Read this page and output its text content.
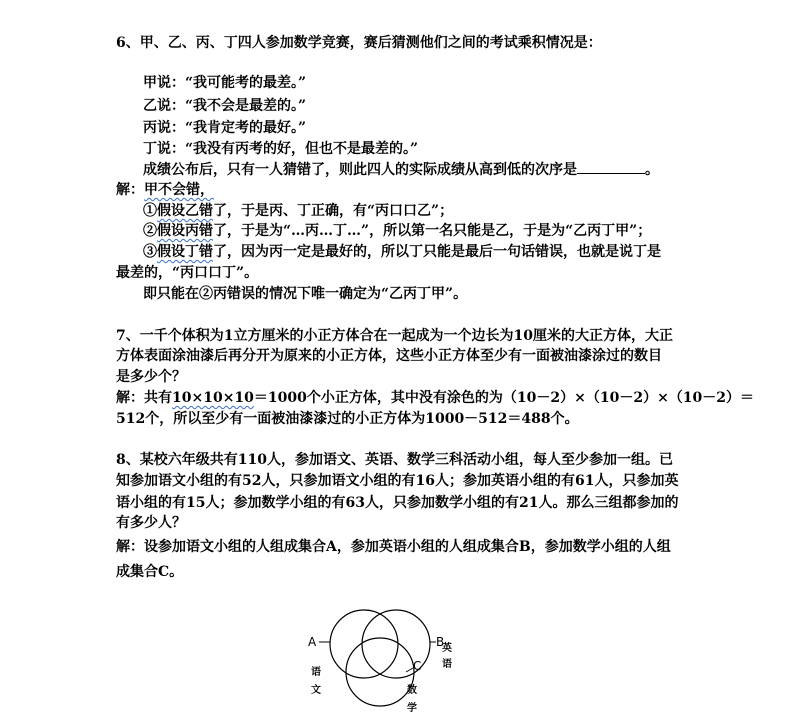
6、甲、乙、丙、丁四人参加数学竞赛，赛后猜测他们之间的考试乘积情况是：
甲说：“我可能考的最差。”
乙说：“我不会是最差的。”
丙说：“我肯定考的最好。”
丁说：“我没有丙考的好，但也不是最差的。”
成绩公布后，只有一人猜错了，则此四人的实际成绩从高到低的次序是	。
解：甲不会错，
①假设乙错了，于是丙、丁正确，有“丙口口乙”；
②假设丙错了，于是为“…丙…丁…”，所以第一名只能是乙，于是为“乙丙丁甲”；
③假设丁错了，因为丙一定是最好的，所以丁只能是最后一句话错误，也就是说丁是
最差的，“丙口口丁”。
即只能在②丙错误的情况下唯一确定为“乙丙丁甲”。
7、一千个体积为1立方厘米的小正方体合在一起成为一个边长为10厘米的大正方体，大正
方体表面涂油漆后再分开为原来的小正方体，这些小正方体至少有一面被油漆涂过的数目
是多少个？
解：共有10×10×10＝1000个小正方体，其中没有涂色的为（10－2）×（10－2）×（10－2）＝
512个，所以至少有一面被油漆漆过的小正方体为1000－512＝488个。
8、某校六年级共有110人，参加语文、英语、数学三科活动小组，每人至少参加一组。已
知参加语文小组的有52人，只参加语文小组的有16人；参加英语小组的有61人，只参加英
语小组的有15人；参加数学小组的有63人，只参加数学小组的有21人。那么三组都参加的
有多少人？
解：设参加语文小组的人组成集合A，参加英语小组的人组成集合B，参加数学小组的人组
成集合C。
A	B
C
语文
英语
数学
